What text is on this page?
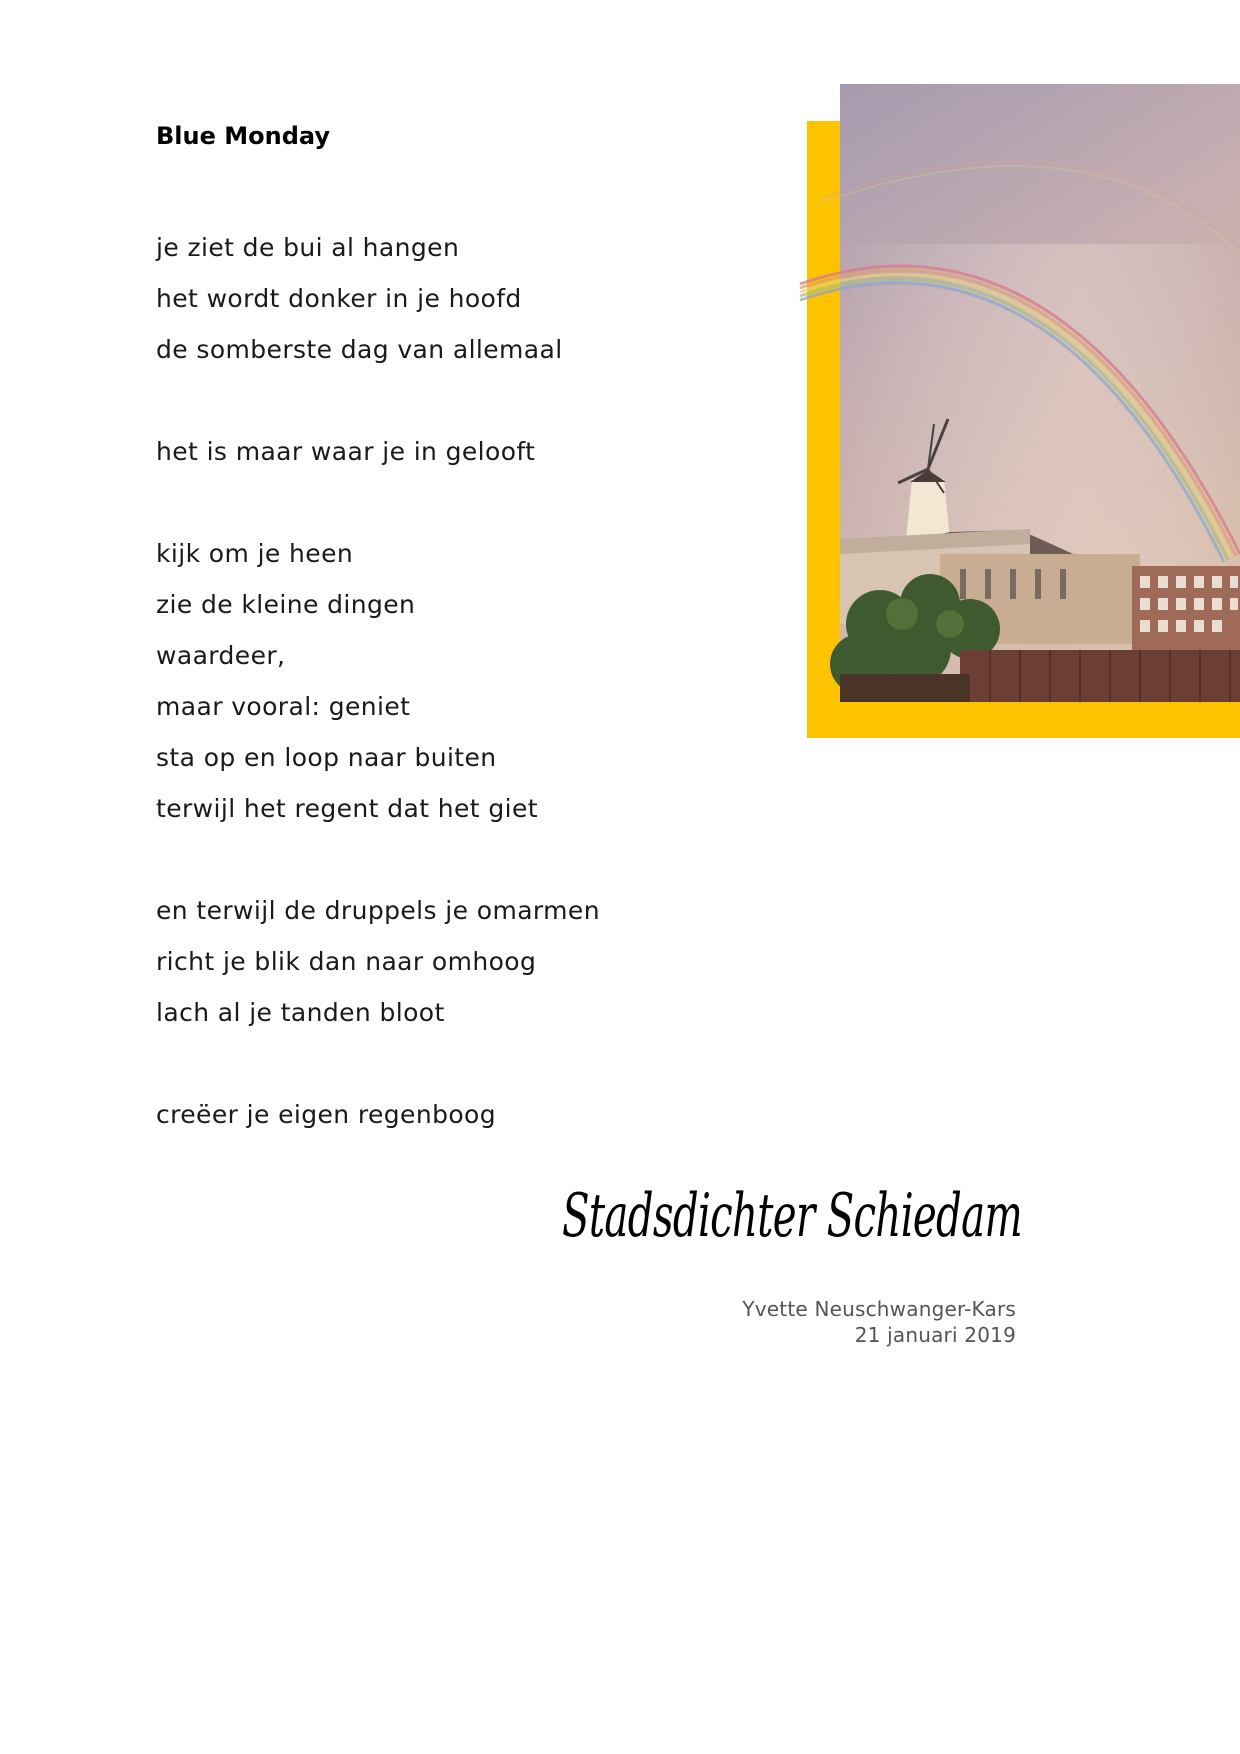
Blue Monday
je ziet de bui al hangen
het wordt donker in je hoofd
de somberste dag van allemaal
het is maar waar je in gelooft
kijk om je heen
zie de kleine dingen
waardeer,
maar vooral: geniet
sta op en loop naar buiten
terwijl het regent dat het giet
en terwijl de druppels je omarmen
richt je blik dan naar omhoog
lach al je tanden bloot
creëer je eigen regenboog
Stadsdichter Schiedam
Yvette Neuschwanger-Kars
21 januari 2019
